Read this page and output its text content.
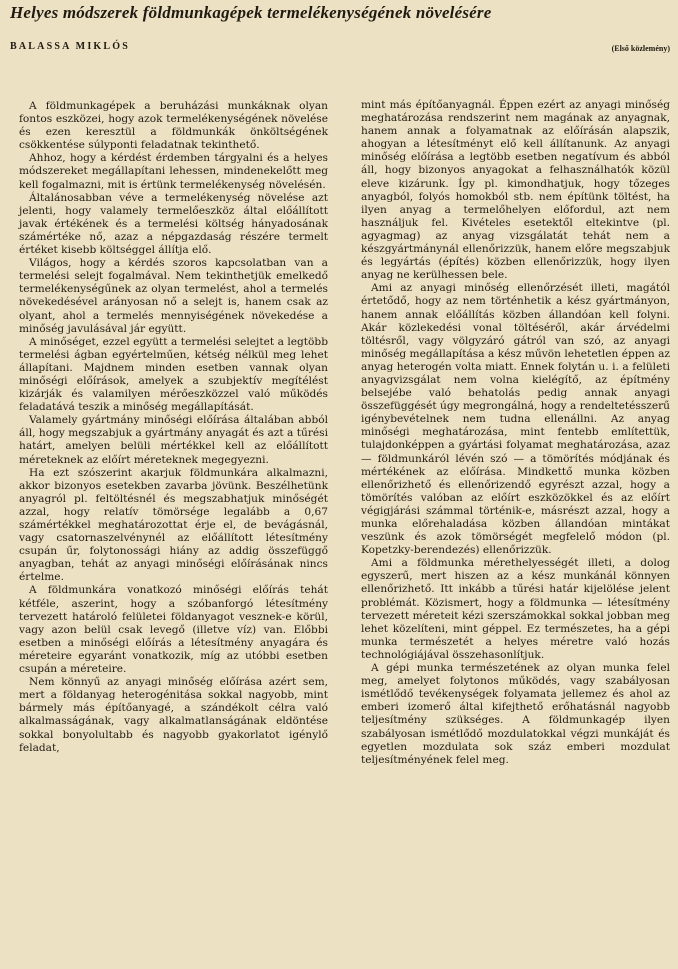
Helyes módszerek földmunkagépek termelékenységének növelésére
BALASSA MIKLÓS	(Első közlemény)

A földmunkagépek a beruházási munkáknak olyan fontos eszközei, hogy azok termelékenységének növelése és ezen keresztül a földmunkák önköltségének csökkentése súlyponti feladatnak tekinthető.

Ahhoz, hogy a kérdést érdemben tárgyalni és a helyes módszereket megállapítani lehessen, mindenekelőtt meg kell fogalmazni, mit is értünk termelékenység növelésén.

Általánosabban véve a termelékenység növelése azt jelenti, hogy valamely termelőeszköz által előállított javak értékének és a termelési költség hányadosának számértéke nő, azaz a népgazdaság részére termelt értéket kisebb költséggel állítja elő.

Világos, hogy a kérdés szoros kapcsolatban van a termelési selejt fogalmával. Nem tekinthetjük emelkedő termelékenységűnek az olyan termelést, ahol a termelés növekedésével arányosan nő a selejt is, hanem csak az olyant, ahol a termelés mennyiségének növekedése a minőség javulásával jár együtt.

A minőséget, ezzel együtt a termelési selejtet a legtöbb termelési ágban egyértelműen, kétség nélkül meg lehet állapítani. Majdnem minden esetben vannak olyan minőségi előírások, amelyek a szubjektív megítélést kizárják és valamilyen mérőeszközzel való működés feladatává teszik a minőség megállapítását.

Valamely gyártmány minőségi előírása általában abból áll, hogy megszabjuk a gyártmány anyagát és azt a tűrési határt, amelyen belüli mértékkel kell az előállított méreteknek az előírt méreteknek megegyezni.

Ha ezt szószerint akarjuk földmunkára alkalmazni, akkor bizonyos esetekben zavarba jövünk. Beszélhetünk anyagról pl. feltöltésnél és megszabhatjuk minőségét azzal, hogy relatív tömörsége legalább a 0,67 számértékkel meghatározottat érje el, de bevágásnál, vagy csatornaszelvénynél az előállított létesítmény csupán űr, folytonossági hiány az addig összefüggő anyagban, tehát az anyagi minőségi előírásának nincs értelme.

A földmunkára vonatkozó minőségi előírás tehát kétféle, aszerint, hogy a szóbanforgó létesítmény tervezett határoló felületei földanyagot vesznek-e körül, vagy azon belül csak levegő (illetve víz) van. Előbbi esetben a minőségi előírás a létesítmény anyagára és méreteire egyaránt vonatkozik, míg az utóbbi esetben csupán a méreteire.

Nem könnyű az anyagi minőség előírása azért sem, mert a földanyag heterogénitása sokkal nagyobb, mint bármely más építőanyagé, a szándékolt célra való alkalmasságának, vagy alkalmatlanságának eldöntése sokkal bonyolultabb és nagyobb gyakorlatot igénylő feladat,

mint más építőanyagnál. Éppen ezért az anyagi minőség meghatározása rendszerint nem magának az anyagnak, hanem annak a folyamatnak az előírásán alapszik, ahogyan a létesítményt elő kell állítanunk. Az anyagi minőség előírása a legtöbb esetben negatívum és abból áll, hogy bizonyos anyagokat a felhasználhatók közül eleve kizárunk. Így pl. kimondhatjuk, hogy tőzeges anyagból, folyós homokból stb. nem építünk töltést, ha ilyen anyag a termelőhelyen előfordul, azt nem használjuk fel. Kivételes esetektől eltekintve (pl. agyagmag) az anyag vizsgálatát tehát nem a készgyártmánynál ellenőrizzük, hanem előre megszabjuk és legyártás (építés) közben ellenőrizzük, hogy ilyen anyag ne kerülhessen bele.

Ami az anyagi minőség ellenőrzését illeti, magától értetődő, hogy az nem történhetik a kész gyártmányon, hanem annak előállítás közben állandóan kell folyni. Akár közlekedési vonal töltéséről, akár árvédelmi töltésről, vagy völgyzáró gátról van szó, az anyagi minőség megállapítása a kész művön lehetetlen éppen az anyag heterogén volta miatt. Ennek folytán u. i. a felületi anyagvizsgálat nem volna kielégítő, az építmény belsejébe való behatolás pedig annak anyagi összefüggését úgy megrongálná, hogy a rendeltetésszerű igénybevételnek nem tudna ellenállni. Az anyag minőségi meghatározása, mint fentebb említettük, tulajdonképpen a gyártási folyamat meghatározása, azaz — földmunkáról lévén szó — a tömörítés módjának és mértékének az előírása. Mindkettő munka közben ellenőrizhető és ellenőrizendő egyrészt azzal, hogy a tömörítés valóban az előírt eszközökkel és az előírt végigjárási számmal történik-e, másrészt azzal, hogy a munka előrehaladása közben állandóan mintákat veszünk és azok tömörségét megfelelő módon (pl. Kopetzky-berendezés) ellenőrizzük.

Ami a földmunka mérethelyességét illeti, a dolog egyszerű, mert hiszen az a kész munkánál könnyen ellenőrizhető. Itt inkább a tűrési határ kijelölése jelent problémát. Közismert, hogy a földmunka — létesítmény tervezett méreteit kézi szerszámokkal sokkal jobban meg lehet közelíteni, mint géppel. Ez természetes, ha a gépi munka természetét a helyes méretre való hozás technológiájával összehasonlítjuk.

A gépi munka természetének az olyan munka felel meg, amelyet folytonos működés, vagy szabályosan ismétlődő tevékenységek folyamata jellemez és ahol az emberi izomerő által kifejthető erőhatásnál nagyobb teljesítmény szükséges. A földmunkagép ilyen szabályosan ismétlődő mozdulatokkal végzi munkáját és egyetlen mozdulata sok száz emberi mozdulat teljesítményének felel meg.
